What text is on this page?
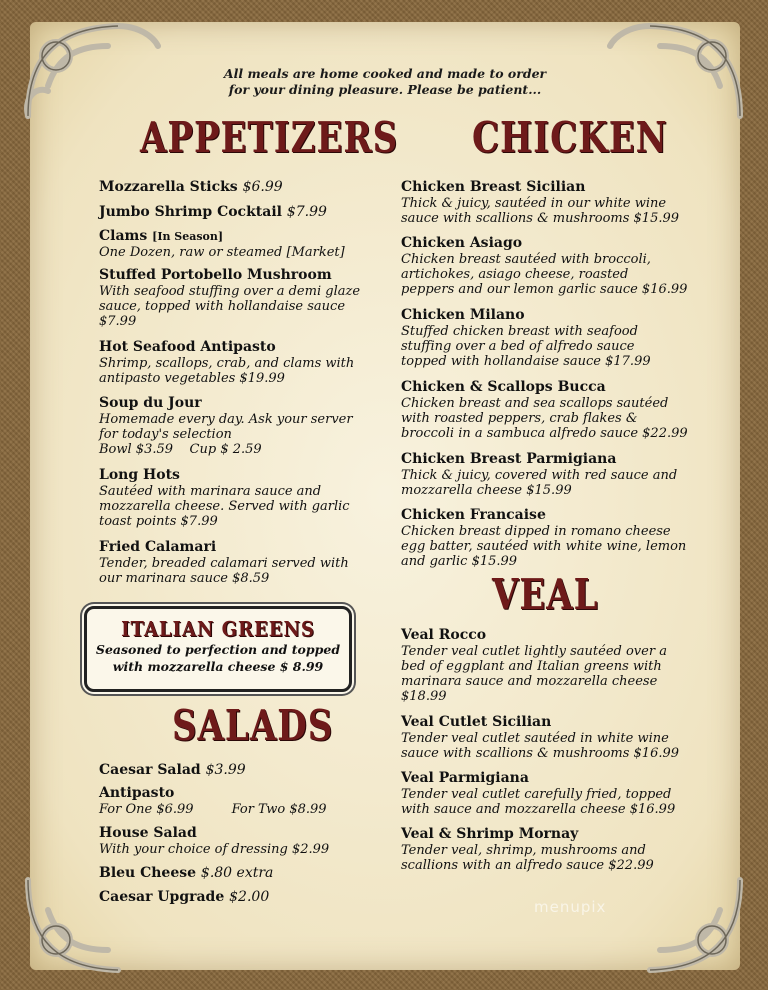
All meals are home cooked and made to order
for your dining pleasure. Please be patient...
APPETIZERS
Mozzarella Sticks $6.99
Jumbo Shrimp Cocktail $7.99
Clams [In Season]
One Dozen, raw or steamed [Market]
Stuffed Portobello Mushroom
With seafood stuffing over a demi glaze
sauce, topped with hollandaise sauce
$7.99
Hot Seafood Antipasto
Shrimp, scallops, crab, and clams with
antipasto vegetables $19.99
Soup du Jour
Homemade every day. Ask your server
for today's selection
Bowl $3.59    Cup $ 2.59
Long Hots
Sautéed with marinara sauce and
mozzarella cheese. Served with garlic
toast points $7.99
Fried Calamari
Tender, breaded calamari served with
our marinara sauce $8.59
ITALIAN GREENS
Seasoned to perfection and topped
with mozzarella cheese $ 8.99
SALADS
Caesar Salad $3.99
Antipasto
For One $6.99	For Two $8.99
House Salad
With your choice of dressing $2.99
Bleu Cheese $.80 extra
Caesar Upgrade $2.00
CHICKEN
Chicken Breast Sicilian
Thick & juicy, sautéed in our white wine
sauce with scallions & mushrooms $15.99
Chicken Asiago
Chicken breast sautéed with broccoli,
artichokes, asiago cheese, roasted
peppers and our lemon garlic sauce $16.99
Chicken Milano
Stuffed chicken breast with seafood
stuffing over a bed of alfredo sauce
topped with hollandaise sauce $17.99
Chicken & Scallops Bucca
Chicken breast and sea scallops sautéed
with roasted peppers, crab flakes &
broccoli in a sambuca alfredo sauce $22.99
Chicken Breast Parmigiana
Thick & juicy, covered with red sauce and
mozzarella cheese $15.99
Chicken Francaise
Chicken breast dipped in romano cheese
egg batter, sautéed with white wine, lemon
and garlic $15.99
VEAL
Veal Rocco
Tender veal cutlet lightly sautéed over a
bed of eggplant and Italian greens with
marinara sauce and mozzarella cheese
$18.99
Veal Cutlet Sicilian
Tender veal cutlet sautéed in white wine
sauce with scallions & mushrooms $16.99
Veal Parmigiana
Tender veal cutlet carefully fried, topped
with sauce and mozzarella cheese $16.99
Veal & Shrimp Mornay
Tender veal, shrimp, mushrooms and
scallions with an alfredo sauce $22.99
menupix
